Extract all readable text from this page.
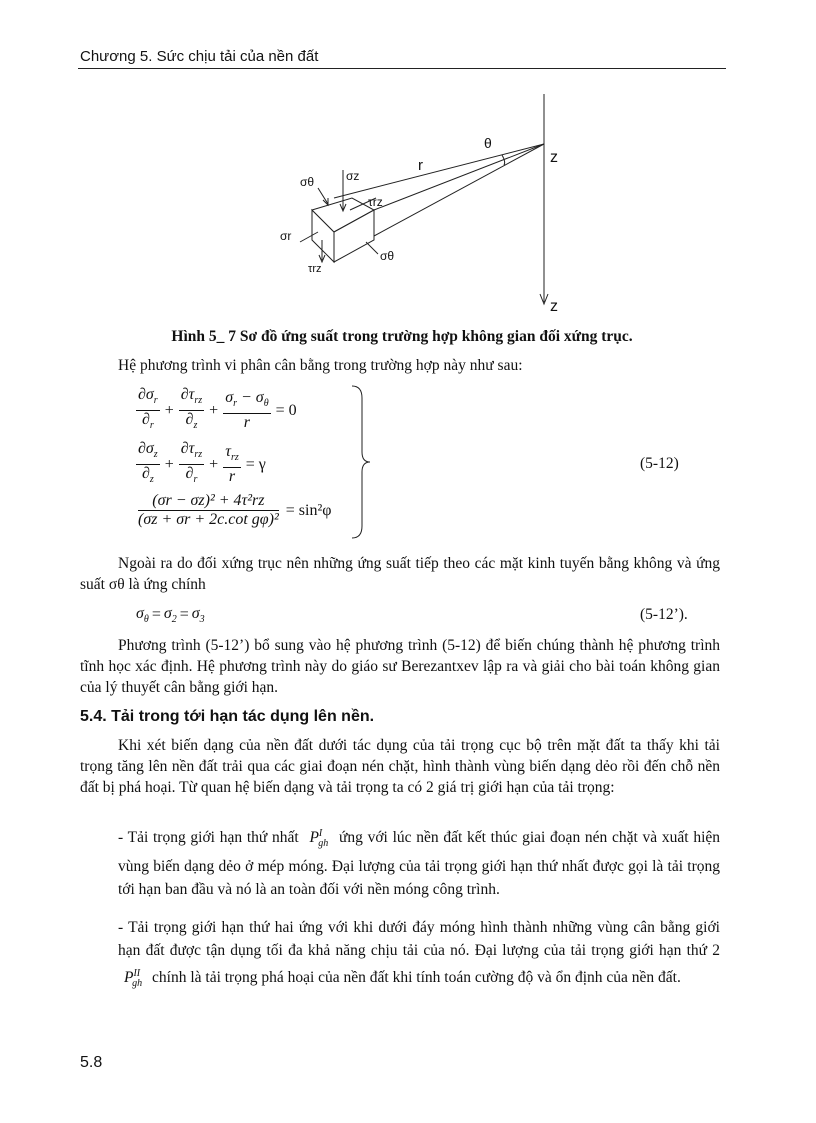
Chương 5. Sức chịu tải của nền đất
θ
r	z
z
σθ	σz
τrz
σr
τrz
σθ
Hình 5_ 7 Sơ đồ ứng suất trong trường hợp không gian đối xứng trục.
Hệ phương trình vi phân cân bằng trong trường hợp này như sau:
$\frac{\partial\sigma_r}{\partial_r} + \frac{\partial\tau_{rz}}{\partial_z} + \frac{\sigma_r - \sigma_\theta}{r} = 0$
$\frac{\partial\sigma_z}{\partial_z} + \frac{\partial\tau_{rz}}{\partial_r} + \frac{\tau_{rz}}{r} = \gamma$
$\frac{\text{(σr − σz)² + 4τ²rz}}{\text{(σz + σr + 2c.cot gφ)²}} = \sin^2\varphi$
(5-12)
Ngoài ra do đối xứng trục nên những ứng suất tiếp theo các mặt kinh tuyến bằng không và ứng suất σθ là ứng chính
$\sigma_\theta = \sigma_2 = \sigma_3$	(5-12’).
Phương trình (5-12’) bổ sung vào hệ phương trình (5-12) để biến chúng thành hệ phương trình tĩnh học xác định. Hệ phương trình này do giáo sư Berezantxev lập ra và giải cho bài toán không gian của lý thuyết cân bằng giới hạn.
5.4. Tải trong tới hạn tác dụng lên nền.
Khi xét biến dạng của nền đất dưới tác dụng của tải trọng cục bộ trên mặt đất ta thấy khi tải trọng tăng lên nền đất trải qua các giai đoạn nén chặt, hình thành vùng biến dạng dẻo rồi đến chỗ nền đất bị phá hoại. Từ quan hệ biến dạng và tải trọng ta có 2 giá trị giới hạn của tải trọng:
- Tải trọng giới hạn thứ nhất $P^I_{gh}$ ứng với lúc nền đất kết thúc giai đoạn nén chặt và xuất hiện vùng biến dạng dẻo ở mép móng. Đại lượng của tải trọng giới hạn thứ nhất được gọi là tải trọng tới hạn ban đầu và nó là an toàn đối với nền móng công trình.
- Tải trọng giới hạn thứ hai ứng với khi dưới đáy móng hình thành những vùng cân bằng giới hạn đất được tận dụng tối đa khả năng chịu tải của nó. Đại lượng của tải trọng giới hạn thứ 2 $P^{II}_{gh}$ chính là tải trọng phá hoại của nền đất khi tính toán cường độ và ổn định của nền đất.
5.8
